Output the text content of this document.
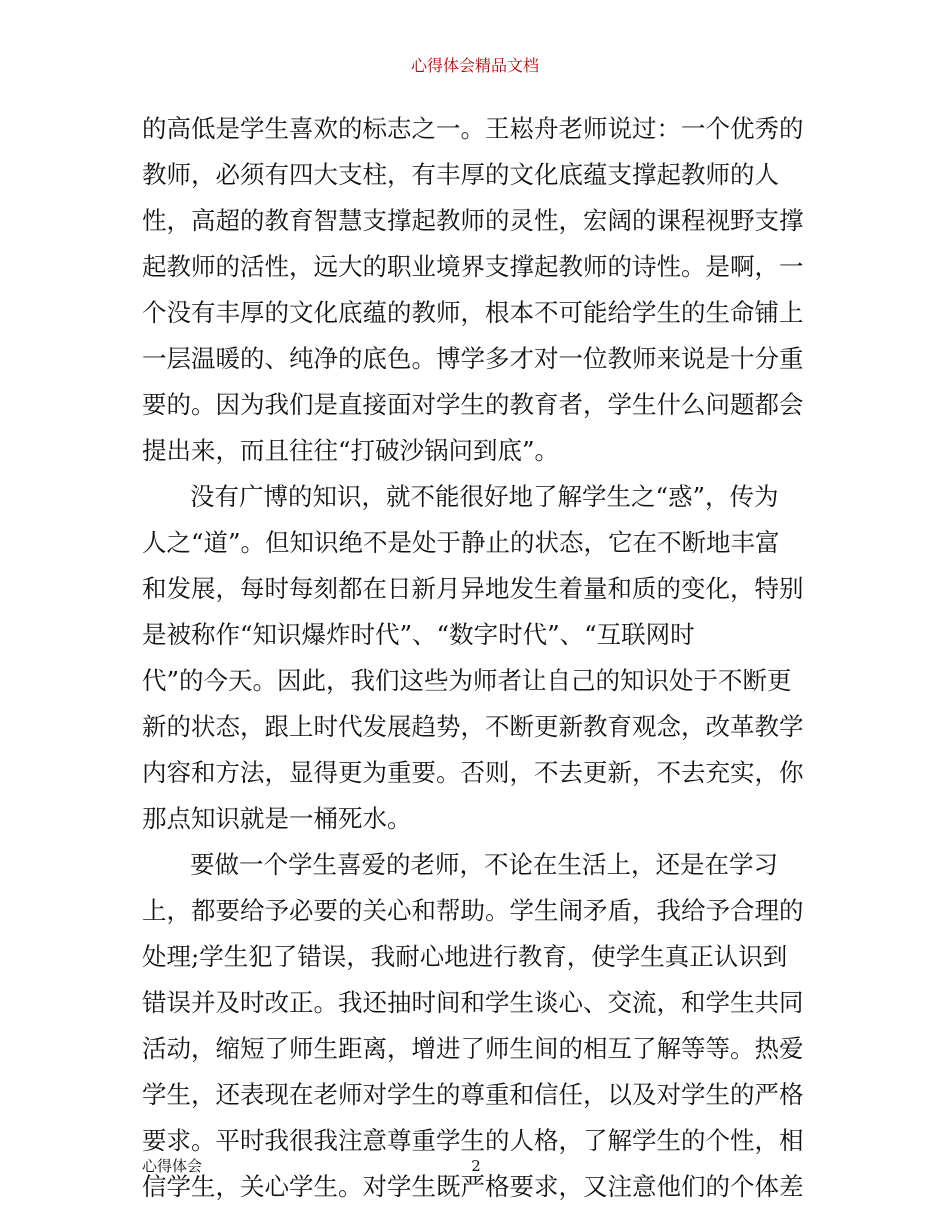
心得体会精品文档
的高低是学生喜欢的标志之一。王崧舟老师说过：一个优秀的
教师，必须有四大支柱，有丰厚的文化底蕴支撑起教师的人
性，高超的教育智慧支撑起教师的灵性，宏阔的课程视野支撑
起教师的活性，远大的职业境界支撑起教师的诗性。是啊，一
个没有丰厚的文化底蕴的教师，根本不可能给学生的生命铺上
一层温暖的、纯净的底色。博学多才对一位教师来说是十分重
要的。因为我们是直接面对学生的教育者，学生什么问题都会
提出来，而且往往“打破沙锅问到底”。
没有广博的知识，就不能很好地了解学生之“惑”，传为
人之“道”。但知识绝不是处于静止的状态，它在不断地丰富
和发展，每时每刻都在日新月异地发生着量和质的变化，特别
是被称作“知识爆炸时代”、“数字时代”、“互联网时
代”的今天。因此，我们这些为师者让自己的知识处于不断更
新的状态，跟上时代发展趋势，不断更新教育观念，改革教学
内容和方法，显得更为重要。否则，不去更新，不去充实，你
那点知识就是一桶死水。
要做一个学生喜爱的老师，不论在生活上，还是在学习
上，都要给予必要的关心和帮助。学生闹矛盾，我给予合理的
处理;学生犯了错误，我耐心地进行教育，使学生真正认识到
错误并及时改正。我还抽时间和学生谈心、交流，和学生共同
活动，缩短了师生距离，增进了师生间的相互了解等等。热爱
学生，还表现在老师对学生的尊重和信任，以及对学生的严格
要求。平时我很我注意尊重学生的人格，了解学生的个性，相
信学生，关心学生。对学生既严格要求，又注意他们的个体差
心得体会	2
